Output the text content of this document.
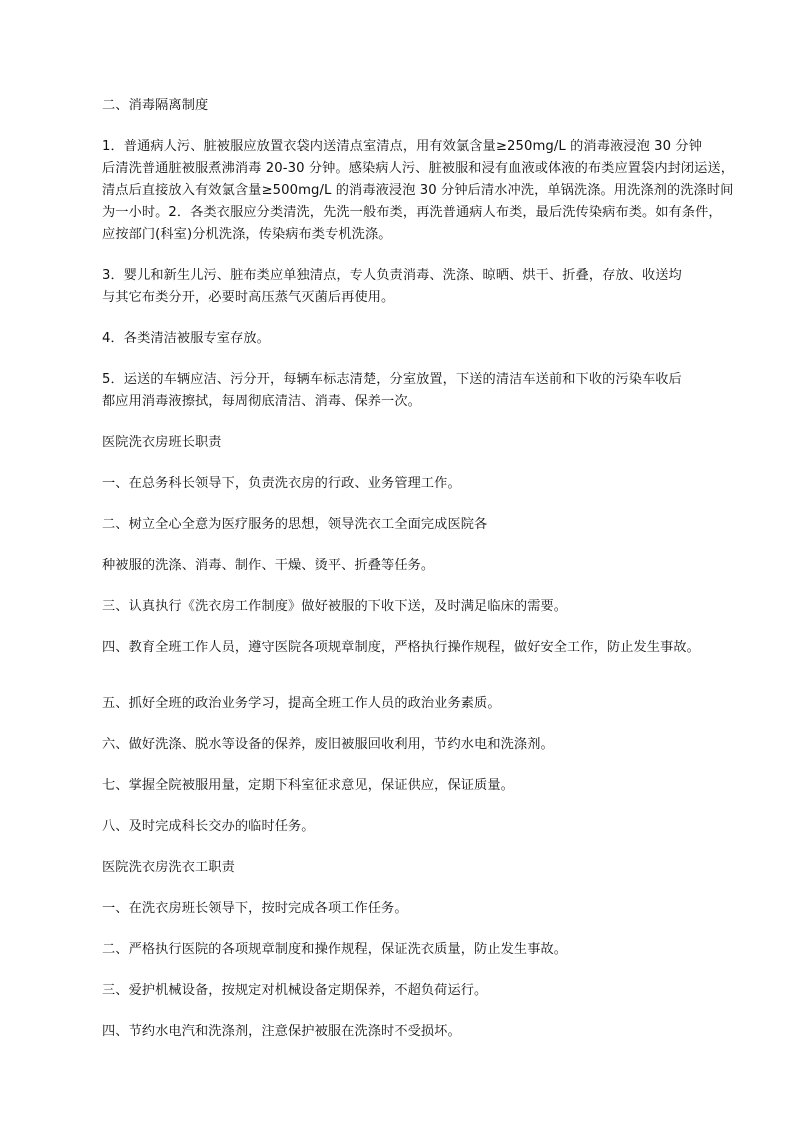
二、消毒隔离制度

1．普通病人污、脏被服应放置衣袋内送清点室清点，用有效氯含量≥250mg/L 的消毒液浸泡 30 分钟
后清洗普通脏被服煮沸消毒 20-30 分钟。感染病人污、脏被服和浸有血液或体液的布类应置袋内封闭运送，
清点后直接放入有效氯含量≥500mg/L 的消毒液浸泡 30 分钟后清水冲洗，单锅洗涤。用洗涤剂的洗涤时间
为一小时。2．各类衣服应分类清洗，先洗一般布类，再洗普通病人布类，最后洗传染病布类。如有条件，
应按部门(科室)分机洗涤，传染病布类专机洗涤。

3．婴儿和新生儿污、脏布类应单独清点，专人负责消毒、洗涤、晾晒、烘干、折叠，存放、收送均
与其它布类分开，必要时高压蒸气灭菌后再使用。

4．各类清洁被服专室存放。

5．运送的车辆应洁、污分开，每辆车标志清楚，分室放置，下送的清洁车送前和下收的污染车收后
都应用消毒液擦拭，每周彻底清洁、消毒、保养一次。

医院洗衣房班长职责

一、在总务科长领导下，负责洗衣房的行政、业务管理工作。

二、树立全心全意为医疗服务的思想，领导洗衣工全面完成医院各

种被服的洗涤、消毒、制作、干燥、烫平、折叠等任务。

三、认真执行《洗衣房工作制度》做好被服的下收下送，及时满足临床的需要。

四、教育全班工作人员，遵守医院各项规章制度，严格执行操作规程，做好安全工作，防止发生事故。

五、抓好全班的政治业务学习，提高全班工作人员的政治业务素质。

六、做好洗涤、脱水等设备的保养，废旧被服回收利用，节约水电和洗涤剂。

七、掌握全院被服用量，定期下科室征求意见，保证供应，保证质量。

八、及时完成科长交办的临时任务。

医院洗衣房洗衣工职责

一、在洗衣房班长领导下，按时完成各项工作任务。

二、严格执行医院的各项规章制度和操作规程，保证洗衣质量，防止发生事故。

三、爱护机械设备，按规定对机械设备定期保养，不超负荷运行。

四、节约水电汽和洗涤剂，注意保护被服在洗涤时不受损坏。
